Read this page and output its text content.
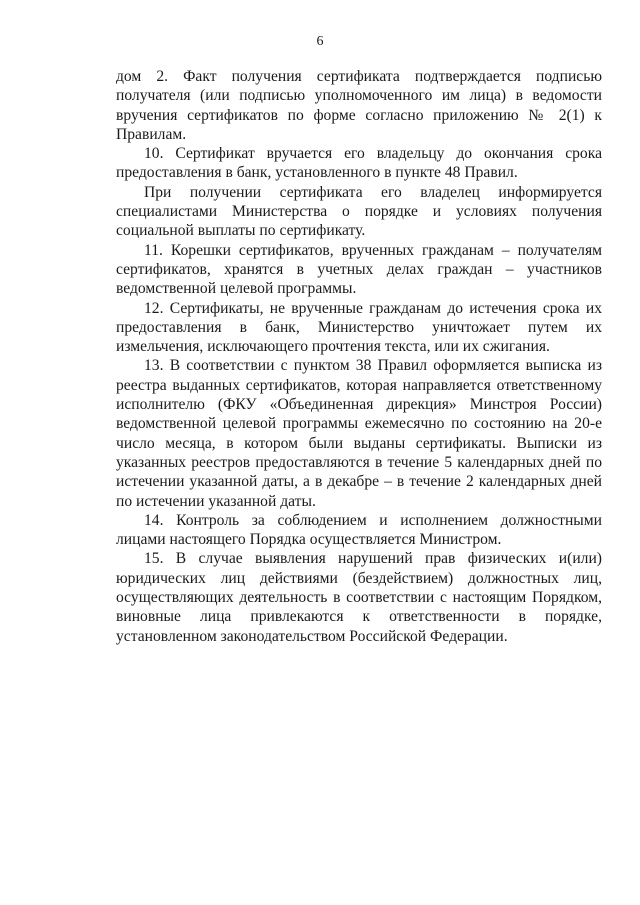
6

дом 2. Факт получения сертификата подтверждается подписью получателя (или подписью уполномоченного им лица) в ведомости вручения сертификатов по форме согласно приложению № 2(1) к Правилам.

10. Сертификат вручается его владельцу до окончания срока предоставления в банк, установленного в пункте 48 Правил.

При получении сертификата его владелец информируется специалистами Министерства о порядке и условиях получения социальной выплаты по сертификату.

11. Корешки сертификатов, врученных гражданам – получателям сертификатов, хранятся в учетных делах граждан – участников ведомственной целевой программы.

12. Сертификаты, не врученные гражданам до истечения срока их предоставления в банк, Министерство уничтожает путем их измельчения, исключающего прочтения текста, или их сжигания.

13. В соответствии с пунктом 38 Правил оформляется выписка из реестра выданных сертификатов, которая направляется ответственному исполнителю (ФКУ «Объединенная дирекция» Минстроя России) ведомственной целевой программы ежемесячно по состоянию на 20-е число месяца, в котором были выданы сертификаты. Выписки из указанных реестров предоставляются в течение 5 календарных дней по истечении указанной даты, а в декабре – в течение 2 календарных дней по истечении указанной даты.

14. Контроль за соблюдением и исполнением должностными лицами настоящего Порядка осуществляется Министром.

15. В случае выявления нарушений прав физических и(или) юридических лиц действиями (бездействием) должностных лиц, осуществляющих деятельность в соответствии с настоящим Порядком, виновные лица привлекаются к ответственности в порядке, установленном законодательством Российской Федерации.
